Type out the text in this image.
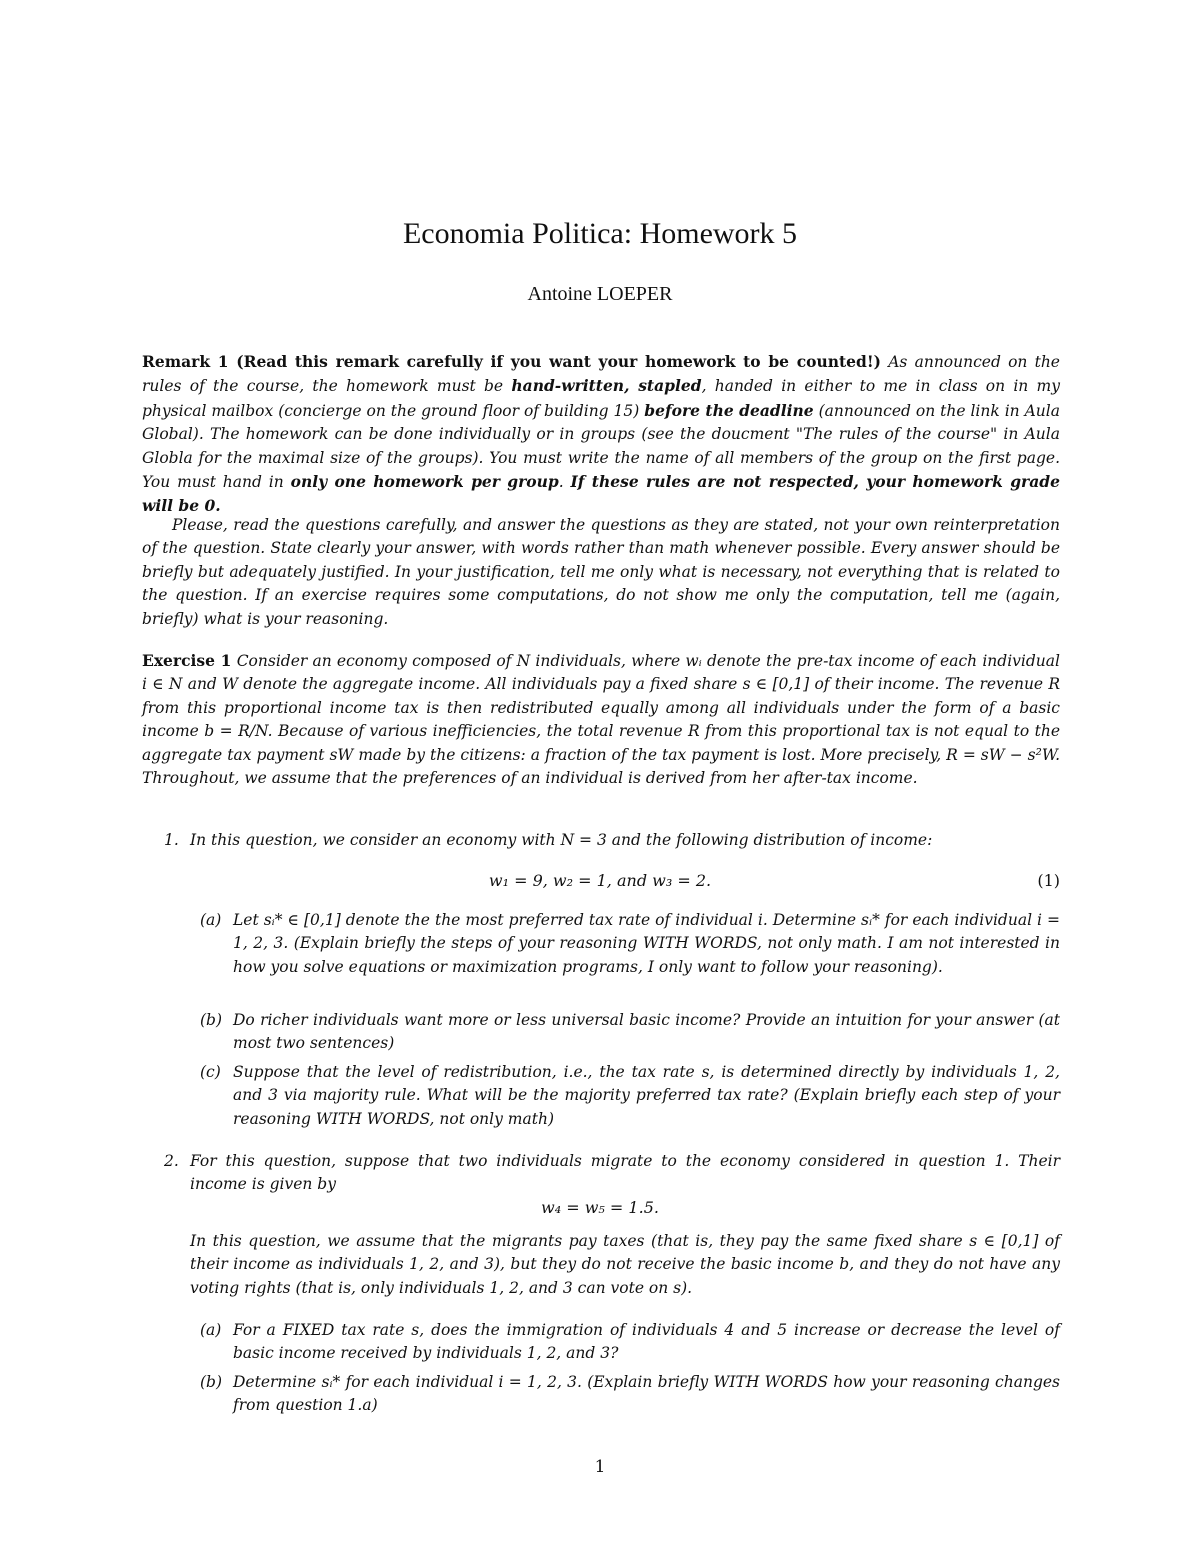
Economia Politica: Homework 5
Antoine LOEPER
Remark 1 (Read this remark carefully if you want your homework to be counted!) As announced on the rules of the course, the homework must be hand-written, stapled, handed in either to me in class on in my physical mailbox (concierge on the ground floor of building 15) before the deadline (announced on the link in Aula Global). The homework can be done individually or in groups (see the doucment "The rules of the course" in Aula Globla for the maximal size of the groups). You must write the name of all members of the group on the first page. You must hand in only one homework per group. If these rules are not respected, your homework grade will be 0.
Please, read the questions carefully, and answer the questions as they are stated, not your own reinterpretation of the question. State clearly your answer, with words rather than math whenever possible. Every answer should be briefly but adequately justified. In your justification, tell me only what is necessary, not everything that is related to the question. If an exercise requires some computations, do not show me only the computation, tell me (again, briefly) what is your reasoning.
Exercise 1 Consider an economy composed of N individuals, where wᵢ denote the pre-tax income of each individual i ∈ N and W denote the aggregate income. All individuals pay a fixed share s ∈ [0,1] of their income. The revenue R from this proportional income tax is then redistributed equally among all individuals under the form of a basic income b = R/N. Because of various inefficiencies, the total revenue R from this proportional tax is not equal to the aggregate tax payment sW made by the citizens: a fraction of the tax payment is lost. More precisely, R = sW − s²W. Throughout, we assume that the preferences of an individual is derived from her after-tax income.
1. In this question, we consider an economy with N = 3 and the following distribution of income:
w₁ = 9, w₂ = 1, and w₃ = 2.	(1)
(a) Let sᵢ* ∈ [0,1] denote the the most preferred tax rate of individual i. Determine sᵢ* for each individual i = 1, 2, 3. (Explain briefly the steps of your reasoning WITH WORDS, not only math. I am not interested in how you solve equations or maximization programs, I only want to follow your reasoning).
(b) Do richer individuals want more or less universal basic income? Provide an intuition for your answer (at most two sentences)
(c) Suppose that the level of redistribution, i.e., the tax rate s, is determined directly by individuals 1, 2, and 3 via majority rule. What will be the majority preferred tax rate? (Explain briefly each step of your reasoning WITH WORDS, not only math)
2. For this question, suppose that two individuals migrate to the economy considered in question 1. Their income is given by
w₄ = w₅ = 1.5.
In this question, we assume that the migrants pay taxes (that is, they pay the same fixed share s ∈ [0,1] of their income as individuals 1, 2, and 3), but they do not receive the basic income b, and they do not have any voting rights (that is, only individuals 1, 2, and 3 can vote on s).
(a) For a FIXED tax rate s, does the immigration of individuals 4 and 5 increase or decrease the level of basic income received by individuals 1, 2, and 3?
(b) Determine sᵢ* for each individual i = 1, 2, 3. (Explain briefly WITH WORDS how your reasoning changes from question 1.a)
1
